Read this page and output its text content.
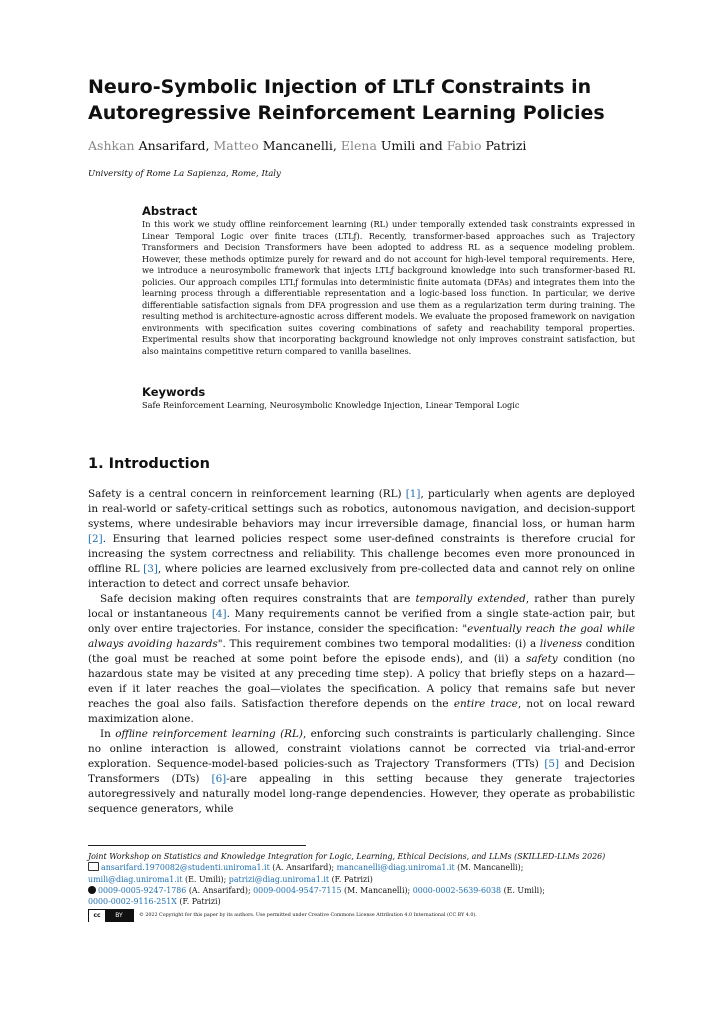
Neuro-Symbolic Injection of LTLf Constraints in
Autoregressive Reinforcement Learning Policies
Ashkan Ansarifard, Matteo Mancanelli, Elena Umili and Fabio Patrizi
University of Rome La Sapienza, Rome, Italy
Abstract
In this work we study offline reinforcement learning (RL) under temporally extended task constraints expressed in Linear Temporal Logic over finite traces (LTLƒ). Recently, transformer-based approaches such as Trajectory Transformers and Decision Transformers have been adopted to address RL as a sequence modeling problem. However, these methods optimize purely for reward and do not account for high-level temporal requirements. Here, we introduce a neurosymbolic framework that injects LTLƒ background knowledge into such transformer-based RL policies. Our approach compiles LTLƒ formulas into deterministic finite automata (DFAs) and integrates them into the learning process through a differentiable representation and a logic-based loss function. In particular, we derive differentiable satisfaction signals from DFA progression and use them as a regularization term during training. The resulting method is architecture-agnostic across different models. We evaluate the proposed framework on navigation environments with specification suites covering combinations of safety and reachability temporal properties. Experimental results show that incorporating background knowledge not only improves constraint satisfaction, but also maintains competitive return compared to vanilla baselines.
Keywords
Safe Reinforcement Learning, Neurosymbolic Knowledge Injection, Linear Temporal Logic
1. Introduction

Safety is a central concern in reinforcement learning (RL) [1], particularly when agents are deployed in real-world or safety-critical settings such as robotics, autonomous navigation, and decision-support systems, where undesirable behaviors may incur irreversible damage, financial loss, or human harm [2]. Ensuring that learned policies respect some user-defined constraints is therefore crucial for increasing the system correctness and reliability. This challenge becomes even more pronounced in offline RL [3], where policies are learned exclusively from pre-collected data and cannot rely on online interaction to detect and correct unsafe behavior.

Safe decision making often requires constraints that are temporally extended, rather than purely local or instantaneous [4]. Many requirements cannot be verified from a single state-action pair, but only over entire trajectories. For instance, consider the specification: "eventually reach the goal while always avoiding hazards". This requirement combines two temporal modalities: (i) a liveness condition (the goal must be reached at some point before the episode ends), and (ii) a safety condition (no hazardous state may be visited at any preceding time step). A policy that briefly steps on a hazard—even if it later reaches the goal—violates the specification. A policy that remains safe but never reaches the goal also fails. Satisfaction therefore depends on the entire trace, not on local reward maximization alone.

In offline reinforcement learning (RL), enforcing such constraints is particularly challenging. Since no online interaction is allowed, constraint violations cannot be corrected via trial-and-error exploration. Sequence-model-based policies-such as Trajectory Transformers (TTs) [5] and Decision Transformers (DTs) [6]-are appealing in this setting because they generate trajectories autoregressively and naturally model long-range dependencies. However, they operate as probabilistic sequence generators, while

Joint Workshop on Statistics and Knowledge Integration for Logic, Learning, Ethical Decisions, and LLMs (SKILLED-LLMs 2026)
ansarifard.1970082@studenti.uniroma1.it (A. Ansarifard); mancanelli@diag.uniroma1.it (M. Mancanelli);
umili@diag.uniroma1.it (E. Umili); patrizi@diag.uniroma1.it (F. Patrizi)
0009-0005-9247-1786 (A. Ansarifard); 0009-0004-9547-7115 (M. Mancanelli); 0000-0002-5639-6038 (E. Umili);
0000-0002-9116-251X (F. Patrizi)
cc	BY	© 2022 Copyright for this paper by its authors. Use permitted under Creative Commons License Attribution 4.0 International (CC BY 4.0).
